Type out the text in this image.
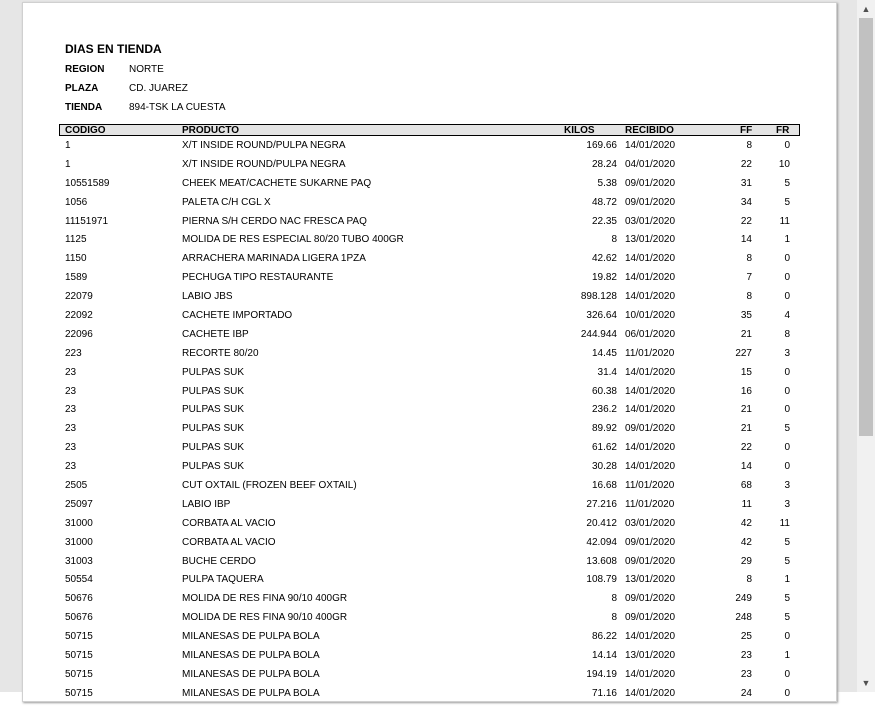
DIAS EN TIENDA
REGION NORTE
PLAZA	CD. JUAREZ
TIENDA	894-TSK LA CUESTA
CODIGO	PRODUCTO	KILOS	RECIBIDO	FF FR
1	X/T INSIDE ROUND/PULPA NEGRA	169.66 14/01/2020	8	0
1	X/T INSIDE ROUND/PULPA NEGRA	28.24 04/01/2020	22	10
10551589	CHEEK MEAT/CACHETE SUKARNE PAQ	5.38 09/01/2020	31	5
1056	PALETA C/H CGL X	48.72 09/01/2020	34	5
11151971	PIERNA S/H CERDO NAC FRESCA PAQ	22.35 03/01/2020	22	11
1125	MOLIDA DE RES ESPECIAL 80/20 TUBO 400GR	8 13/01/2020	14	1
1150	ARRACHERA MARINADA LIGERA 1PZA	42.62 14/01/2020	8	0
1589	PECHUGA TIPO RESTAURANTE	19.82 14/01/2020	7	0
22079	LABIO JBS	898.128 14/01/2020	8	0
22092	CACHETE IMPORTADO	326.64 10/01/2020	35	4
22096	CACHETE IBP	244.944 06/01/2020	21	8
223	RECORTE 80/20	14.45 11/01/2020	227	3
23	PULPAS SUK	31.4 14/01/2020	15	0
23	PULPAS SUK	60.38 14/01/2020	16	0
23	PULPAS SUK	236.2 14/01/2020	21	0
23	PULPAS SUK	89.92 09/01/2020	21	5
23	PULPAS SUK	61.62 14/01/2020	22	0
23	PULPAS SUK	30.28 14/01/2020	14	0
2505	CUT OXTAIL (FROZEN BEEF OXTAIL)	16.68 11/01/2020	68	3
25097	LABIO IBP	27.216 11/01/2020	11	3
31000	CORBATA AL VACIO	20.412 03/01/2020	42	11
31000	CORBATA AL VACIO	42.094 09/01/2020	42	5
31003	BUCHE CERDO	13.608 09/01/2020	29	5
50554	PULPA TAQUERA	108.79 13/01/2020	8	1
50676	MOLIDA DE RES FINA 90/10 400GR	8 09/01/2020	249	5
50676	MOLIDA DE RES FINA 90/10 400GR	8 09/01/2020	248	5
50715	MILANESAS DE PULPA BOLA	86.22 14/01/2020	25	0
50715	MILANESAS DE PULPA BOLA	14.14 13/01/2020	23	1
50715	MILANESAS DE PULPA BOLA	194.19 14/01/2020	23	0
50715	MILANESAS DE PULPA BOLA	71.16 14/01/2020	24	0
▲
▼
